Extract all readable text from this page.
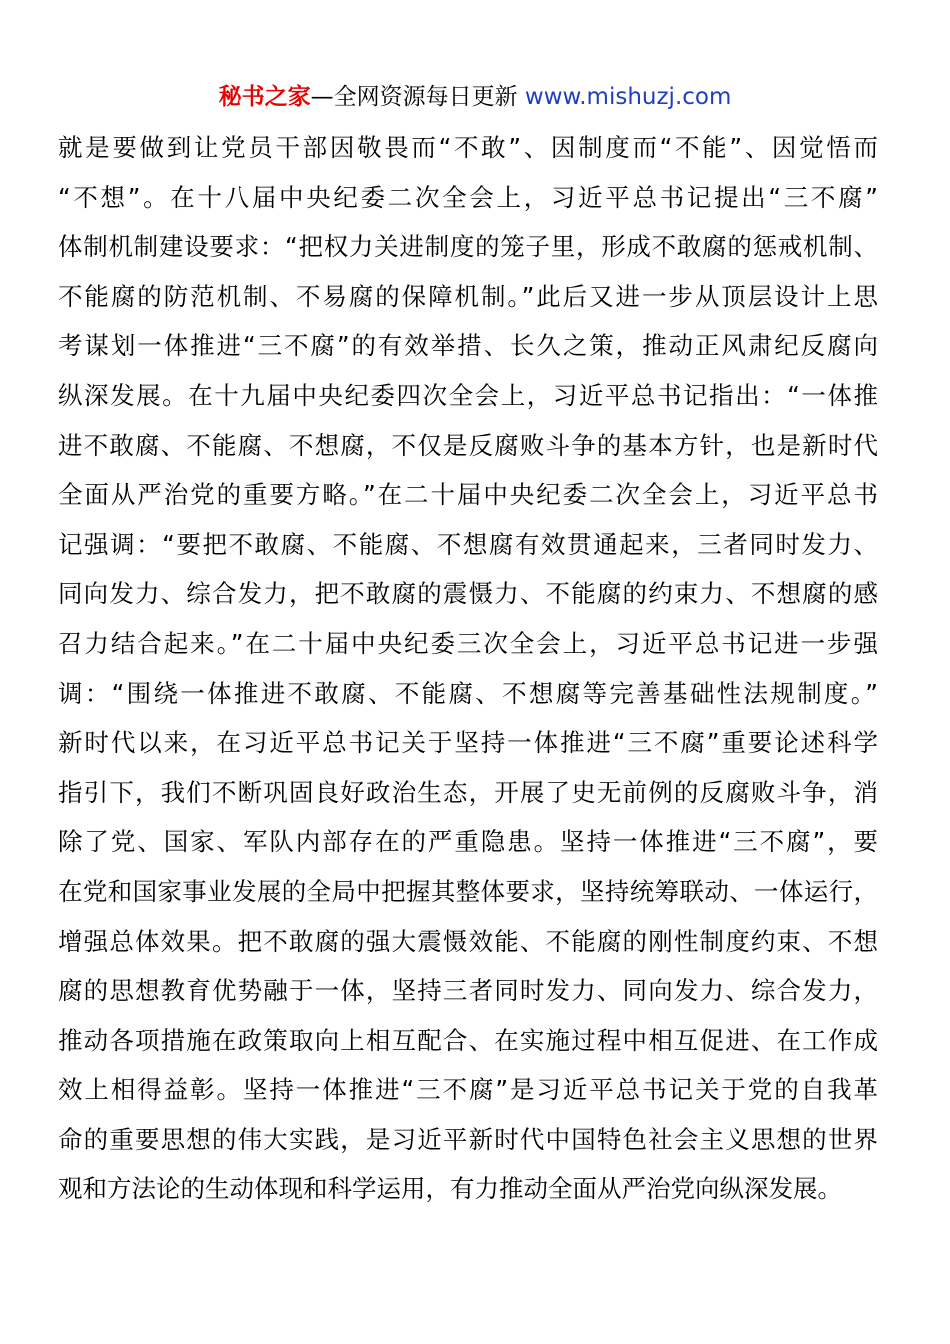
秘书之家—全网资源每日更新 www.mishuzj.com
就是要做到让党员干部因敬畏而“不敢”、因制度而“不能”、因觉悟而
“不想”。在十八届中央纪委二次全会上，习近平总书记提出“三不腐”
体制机制建设要求：“把权力关进制度的笼子里，形成不敢腐的惩戒机制、
不能腐的防范机制、不易腐的保障机制。”此后又进一步从顶层设计上思
考谋划一体推进“三不腐”的有效举措、长久之策，推动正风肃纪反腐向
纵深发展。在十九届中央纪委四次全会上，习近平总书记指出：“一体推
进不敢腐、不能腐、不想腐，不仅是反腐败斗争的基本方针，也是新时代
全面从严治党的重要方略。”在二十届中央纪委二次全会上，习近平总书
记强调：“要把不敢腐、不能腐、不想腐有效贯通起来，三者同时发力、
同向发力、综合发力，把不敢腐的震慑力、不能腐的约束力、不想腐的感
召力结合起来。”在二十届中央纪委三次全会上，习近平总书记进一步强
调：“围绕一体推进不敢腐、不能腐、不想腐等完善基础性法规制度。”
新时代以来，在习近平总书记关于坚持一体推进“三不腐”重要论述科学
指引下，我们不断巩固良好政治生态，开展了史无前例的反腐败斗争，消
除了党、国家、军队内部存在的严重隐患。坚持一体推进“三不腐”，要
在党和国家事业发展的全局中把握其整体要求，坚持统筹联动、一体运行，
增强总体效果。把不敢腐的强大震慑效能、不能腐的刚性制度约束、不想
腐的思想教育优势融于一体，坚持三者同时发力、同向发力、综合发力，
推动各项措施在政策取向上相互配合、在实施过程中相互促进、在工作成
效上相得益彰。坚持一体推进“三不腐”是习近平总书记关于党的自我革
命的重要思想的伟大实践，是习近平新时代中国特色社会主义思想的世界
观和方法论的生动体现和科学运用，有力推动全面从严治党向纵深发展。
